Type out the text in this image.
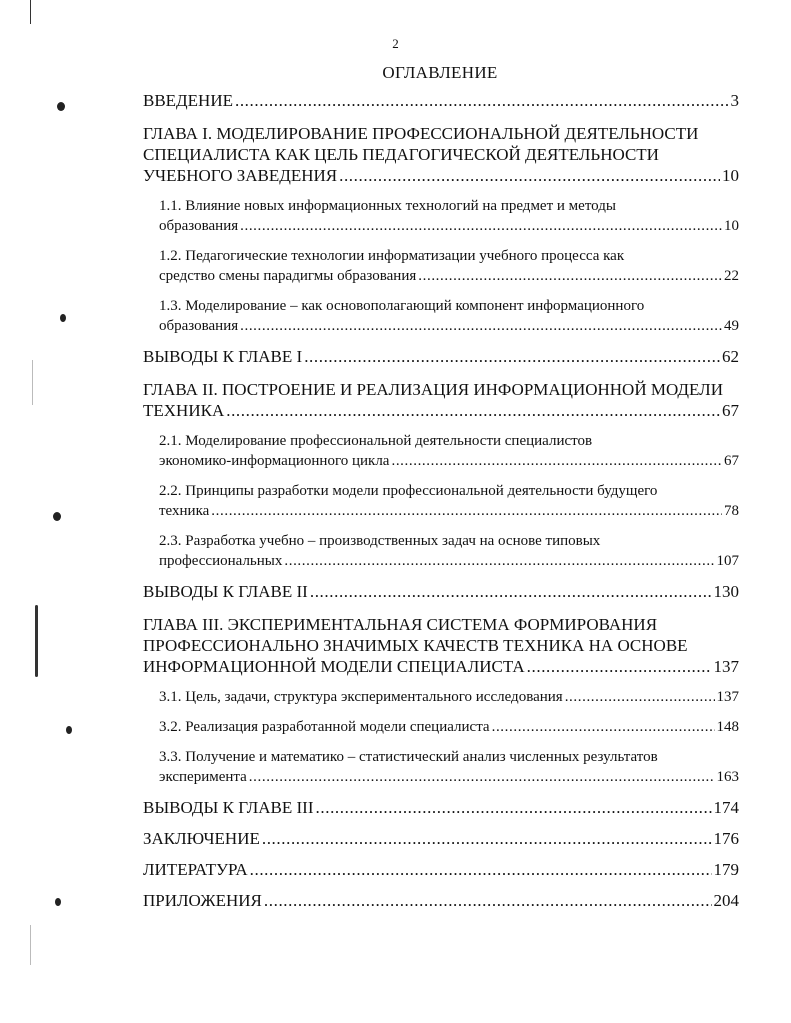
2
ОГЛАВЛЕНИЕ
ВВЕДЕНИЕ .....	3
ГЛАВА I. МОДЕЛИРОВАНИЕ ПРОФЕССИОНАЛЬНОЙ ДЕЯТЕЛЬНОСТИ СПЕЦИАЛИСТА КАК ЦЕЛЬ ПЕДАГОГИЧЕСКОЙ ДЕЯТЕЛЬНОСТИ
УЧЕБНОГО ЗАВЕДЕНИЯ .....	10
1.1. Влияние новых информационных технологий на предмет и методы
образования .....	10
1.2. Педагогические технологии информатизации учебного процесса как
средство смены парадигмы образования .....	22
1.3. Моделирование – как основополагающий компонент информационного
образования .....	49
ВЫВОДЫ К ГЛАВЕ I .....	62
ГЛАВА II. ПОСТРОЕНИЕ И РЕАЛИЗАЦИЯ ИНФОРМАЦИОННОЙ МОДЕЛИ
ТЕХНИКА .....	67
2.1. Моделирование профессиональной деятельности специалистов
экономико-информационного цикла .....	67
2.2. Принципы разработки модели профессиональной деятельности будущего
техника .....	78
2.3. Разработка учебно – производственных задач на основе типовых
профессиональных .....	107
ВЫВОДЫ К ГЛАВЕ II .....	130
ГЛАВА III. ЭКСПЕРИМЕНТАЛЬНАЯ СИСТЕМА ФОРМИРОВАНИЯ ПРОФЕССИОНАЛЬНО ЗНАЧИМЫХ КАЧЕСТВ ТЕХНИКА НА ОСНОВЕ
ИНФОРМАЦИОННОЙ МОДЕЛИ СПЕЦИАЛИСТА .....	137
3.1. Цель, задачи, структура экспериментального исследования .....	137
3.2. Реализация разработанной модели специалиста .....	148
3.3. Получение и математико – статистический анализ численных результатов
эксперимента .....	163
ВЫВОДЫ К ГЛАВЕ III .....	174
ЗАКЛЮЧЕНИЕ .....	176
ЛИТЕРАТУРА .....	179
ПРИЛОЖЕНИЯ .....	204
